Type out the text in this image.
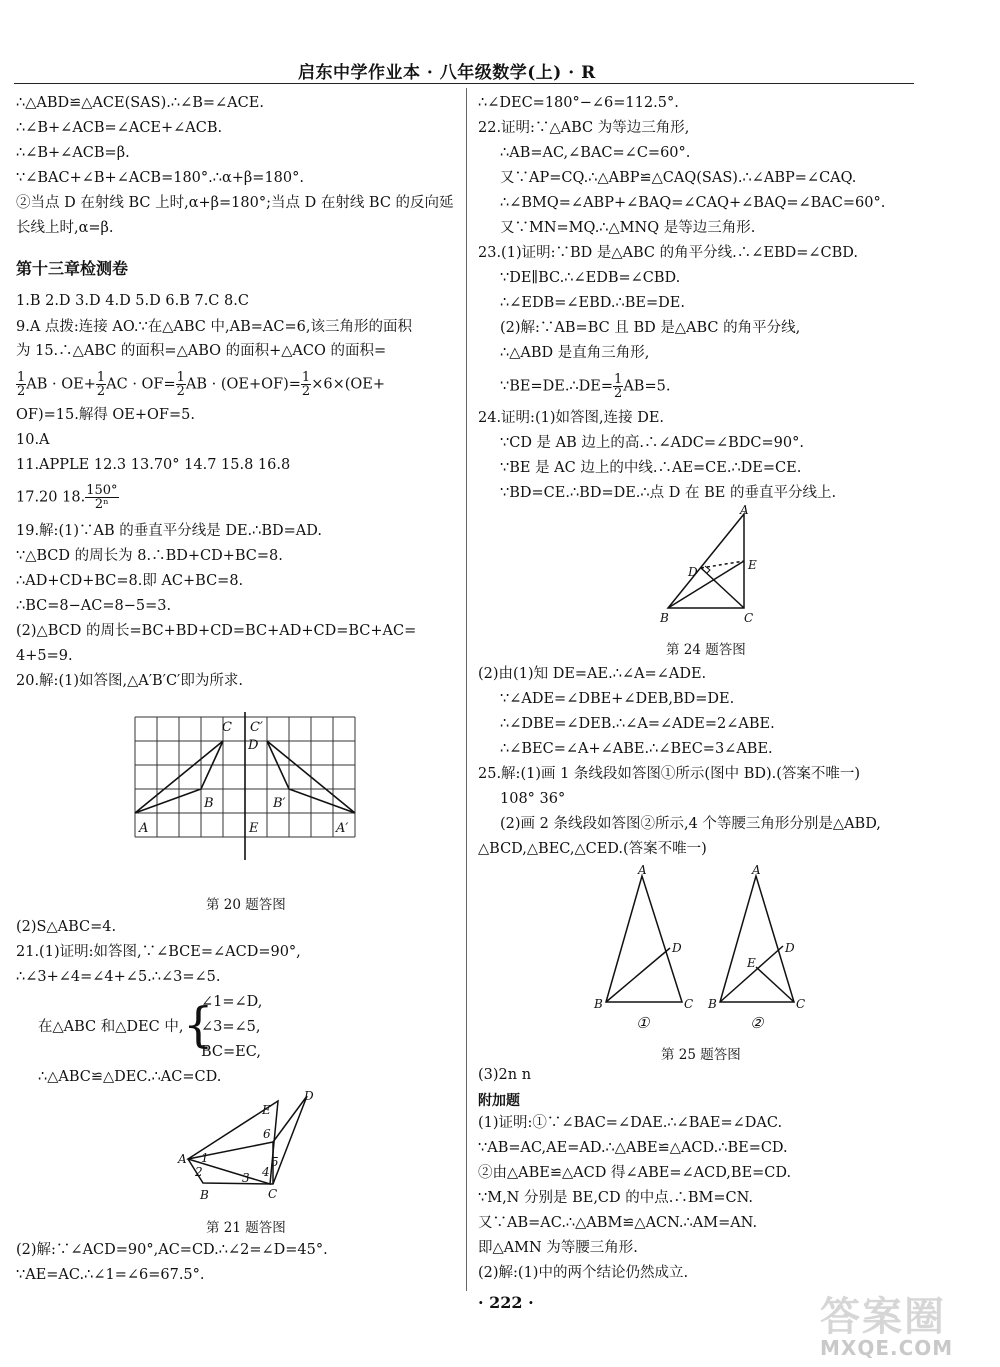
启东中学作业本 · 八年级数学(上) · R
∴△ABD≌△ACE(SAS).∴∠B=∠ACE.
∴∠B+∠ACB=∠ACE+∠ACB.
∴∠B+∠ACB=β.
∵∠BAC+∠B+∠ACB=180°.∴α+β=180°.
②当点 D 在射线 BC 上时,α+β=180°;当点 D 在射线 BC 的反向延
长线上时,α=β.
第十三章检测卷
1.B 2.D 3.D 4.D 5.D 6.B 7.C 8.C
9.A 点拨:连接 AO.∵在△ABC 中,AB=AC=6,该三角形的面积
为 15.∴△ABC 的面积=△ABO 的面积+△ACO 的面积=
$\frac{1}{2}$ AB · $OE+ \frac{1}{2}$ AC · $OF= \frac{1}{2}$ AB · $(OE+OF)= \frac{1}{2} \times 6\times(OE+$
OF)=15.解得 OE+OF=5.
10.A
11.APPLE 12.3 13.70° 14.7 15.8 16.8
17.20 18. $\frac{150^\circ}{\text{2ⁿ}}$
19.解:(1)∵AB 的垂直平分线是 DE.∴BD=AD.
∵△BCD 的周长为 8.∴BD+CD+BC=8.
∴AD+CD+BC=8.即 AC+BC=8.
∴BC=8−AC=8−5=3.
(2)△BCD 的周长=BC+BD+CD=BC+AD+CD=BC+AC=
4+5=9.
20.解:(1)如答图,△A′B′C′即为所求.
C C′
D
B	B′
A	E	A′
第 20 题答图
(2)S△ABC=4.
21.(1)证明:如答图,∵∠BCE=∠ACD=90°,
∴∠3+∠4=∠4+∠5.∴∠3=∠5.
在△ABC 和△DEC 中, {
∠1=∠D,
∠3=∠5,
BC=EC,
∴△ABC≌△DEC.∴AC=CD.
E
D
A
B	C
1
2	3 4
5
6
第 21 题答图
(2)解:∵∠ACD=90°,AC=CD.∴∠2=∠D=45°.
∵AE=AC.∴∠1=∠6=67.5°.
∴∠DEC=180°−∠6=112.5°.
22.证明:∵△ABC 为等边三角形,
∴AB=AC,∠BAC=∠C=60°.
又∵AP=CQ.∴△ABP≌△CAQ(SAS).∴∠ABP=∠CAQ.
∴∠BMQ=∠ABP+∠BAQ=∠CAQ+∠BAQ=∠BAC=60°.
又∵MN=MQ.∴△MNQ 是等边三角形.
23.(1)证明:∵BD 是△ABC 的角平分线.∴∠EBD=∠CBD.
∵DE∥BC.∴∠EDB=∠CBD.
∴∠EDB=∠EBD.∴BE=DE.
(2)解:∵AB=BC 且 BD 是△ABC 的角平分线,
∴△ABD 是直角三角形,
∵BE=DE.∴DE= $\frac{1}{2} AB=5$.
24.证明:(1)如答图,连接 DE.
∵CD 是 AB 边上的高.∴∠ADC=∠BDC=90°.
∵BE 是 AC 边上的中线.∴AE=CE.∴DE=CE.
∵BD=CE.∴BD=DE.∴点 D 在 BE 的垂直平分线上.
A
D	E
B	C
第 24 题答图
(2)由(1)知 DE=AE.∴∠A=∠ADE.
∵∠ADE=∠DBE+∠DEB,BD=DE.
∴∠DBE=∠DEB.∴∠A=∠ADE=2∠ABE.
∴∠BEC=∠A+∠ABE.∴∠BEC=3∠ABE.
25.解:(1)画 1 条线段如答图①所示(图中 BD).(答案不唯一)
108° 36°
(2)画 2 条线段如答图②所示,4 个等腰三角形分别是△ABD,
△BCD,△BEC,△CED.(答案不唯一)
A
D
B	C
A
D
E
B	C
①	②
第 25 题答图
(3)2n n
附加题
(1)证明:①∵∠BAC=∠DAE.∴∠BAE=∠DAC.
∵AB=AC,AE=AD.∴△ABE≌△ACD.∴BE=CD.
②由△ABE≌△ACD 得∠ABE=∠ACD,BE=CD.
∵M,N 分别是 BE,CD 的中点.∴BM=CN.
又∵AB=AC.∴△ABM≌△ACN.∴AM=AN.
即△AMN 为等腰三角形.
(2)解:(1)中的两个结论仍然成立.
· 222 ·	答案圈
MXQE.COM
